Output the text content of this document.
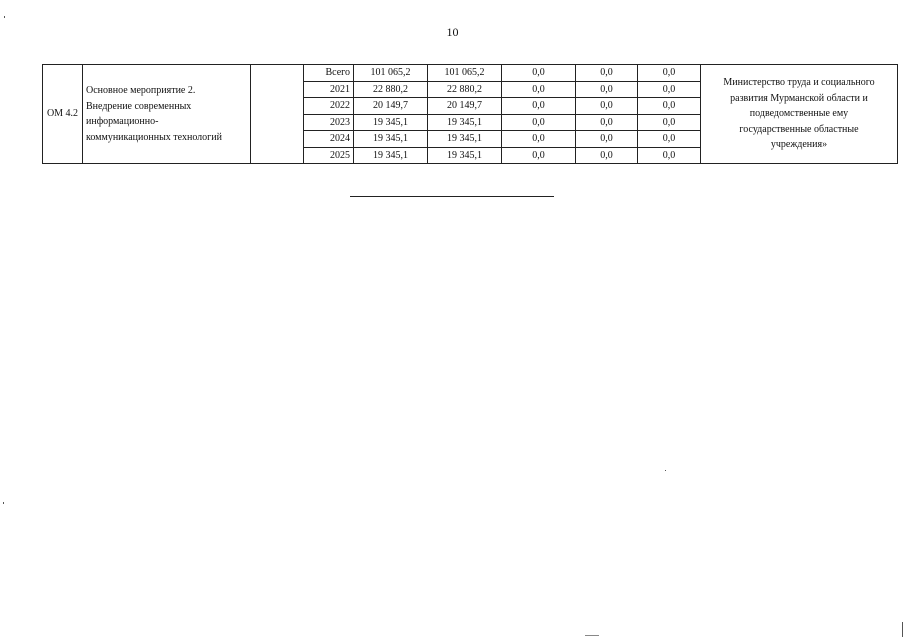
10
ОМ 4.2	Основное мероприятие 2.
Внедрение современных
информационно-
коммуникационных технологий		Всего	101 065,2	101 065,2	0,0	0,0	0,0	Министерство труда и социального
развития Мурманской области и
подведомственные ему
государственные областные
учреждения»
			2021	22 880,2	22 880,2	0,0	0,0	0,0	
			2022	20 149,7	20 149,7	0,0	0,0	0,0	
			2023	19 345,1	19 345,1	0,0	0,0	0,0	
			2024	19 345,1	19 345,1	0,0	0,0	0,0	
			2025	19 345,1	19 345,1	0,0	0,0	0,0	
